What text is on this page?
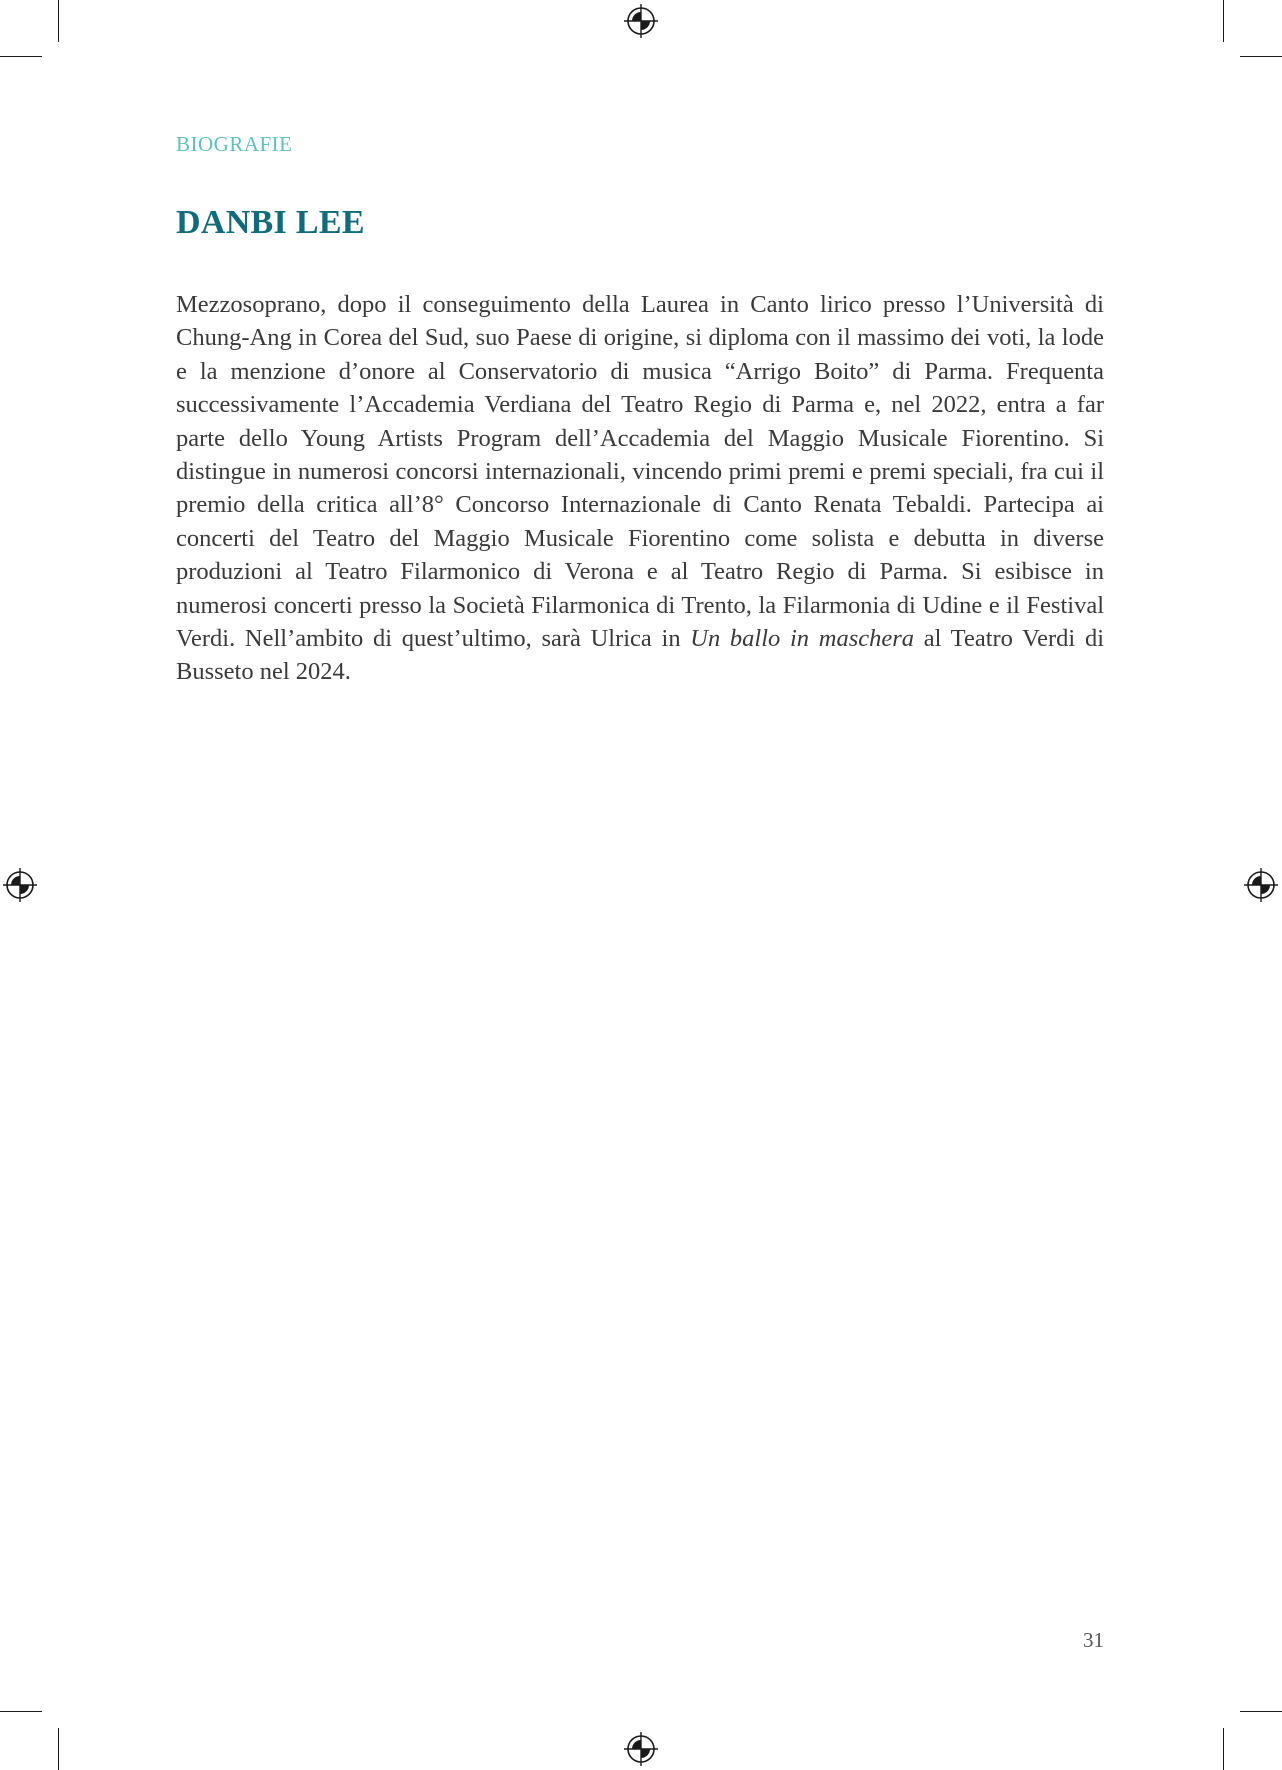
BIOGRAFIE
DANBI LEE

Mezzosoprano, dopo il conseguimento della Laurea in Canto lirico presso l’Università di Chung-Ang in Corea del Sud, suo Paese di origine, si diploma con il massimo dei voti, la lode e la menzione d’onore al Conservatorio di musica “Arrigo Boito” di Parma. Frequenta successivamente l’Accademia Verdiana del Teatro Regio di Parma e, nel 2022, entra a far parte dello Young Artists Program dell’Accademia del Maggio Musicale Fiorentino. Si distingue in numerosi concorsi internazionali, vincendo primi premi e premi speciali, fra cui il premio della critica all’8° Concorso Internazionale di Canto Renata Tebaldi. Partecipa ai concerti del Teatro del Maggio Musicale Fiorentino come solista e debutta in diverse produzioni al Teatro Filarmonico di Verona e al Teatro Regio di Parma. Si esibisce in numerosi concerti presso la Società Filarmonica di Trento, la Filarmonia di Udine e il Festival Verdi. Nell’ambito di quest’ultimo, sarà Ulrica in Un ballo in maschera al Teatro Verdi di Busseto nel 2024.

31
